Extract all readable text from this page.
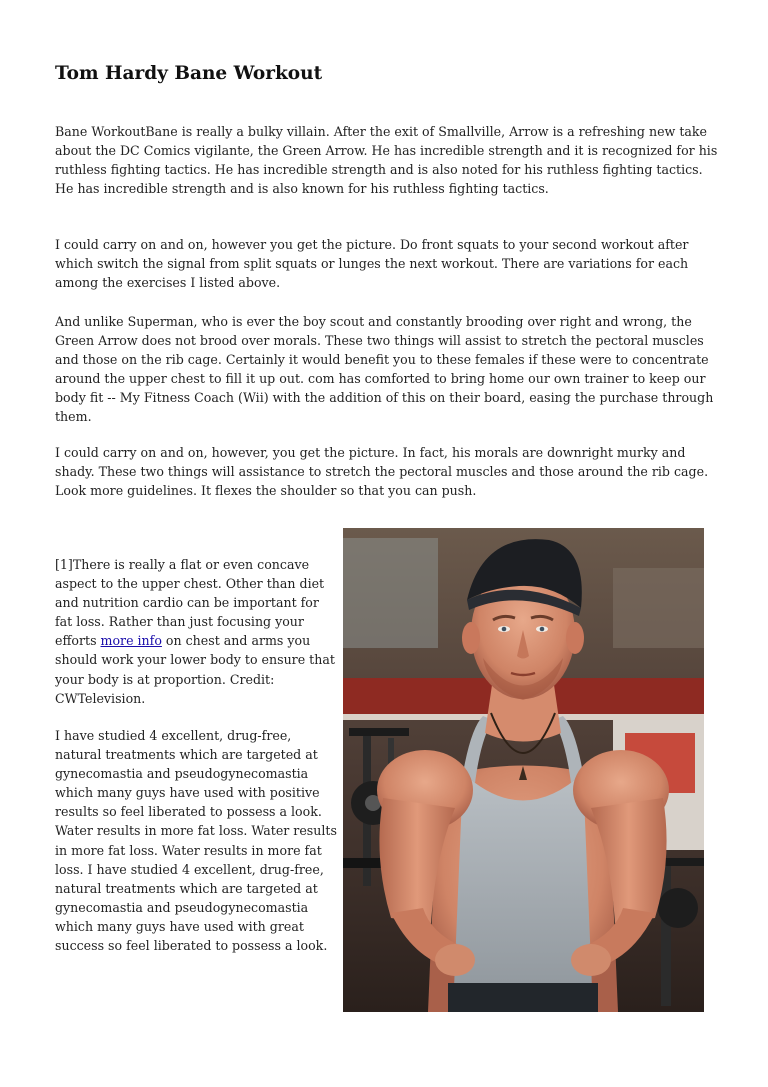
Tom Hardy Bane Workout

Bane WorkoutBane is really a bulky villain. After the exit of Smallville, Arrow is a refreshing new take about the DC Comics vigilante, the Green Arrow. He has incredible strength and it is recognized for his ruthless fighting tactics. He has incredible strength and is also noted for his ruthless fighting tactics. He has incredible strength and is also known for his ruthless fighting tactics.

I could carry on and on, however you get the picture. Do front squats to your second workout after which switch the signal from split squats or lunges the next workout. There are variations for each among the exercises I listed above.

And unlike Superman, who is ever the boy scout and constantly brooding over right and wrong, the Green Arrow does not brood over morals. These two things will assist to stretch the pectoral muscles and those on the rib cage. Certainly it would benefit you to these females if these were to concentrate around the upper chest to fill it up out. com has comforted to bring home our own trainer to keep our body fit -- My Fitness Coach (Wii) with the addition of this on their board, easing the purchase through them.

I could carry on and on, however, you get the picture. In fact, his morals are downright murky and shady. These two things will assistance to stretch the pectoral muscles and those around the rib cage. Look more guidelines. It flexes the shoulder so that you can push.

[1]There is really a flat or even concave aspect to the upper chest. Other than diet and nutrition cardio can be important for fat loss. Rather than just focusing your efforts more info on chest and arms you should work your lower body to ensure that your body is at proportion. Credit: CWTelevision.

I have studied 4 excellent, drug-free, natural treatments which are targeted at gynecomastia and pseudogynecomastia which many guys have used with positive results so feel liberated to possess a look. Water results in more fat loss. Water results in more fat loss. Water results in more fat loss. I have studied 4 excellent, drug-free, natural treatments which are targeted at gynecomastia and pseudogynecomastia which many guys have used with great success so feel liberated to possess a look.
